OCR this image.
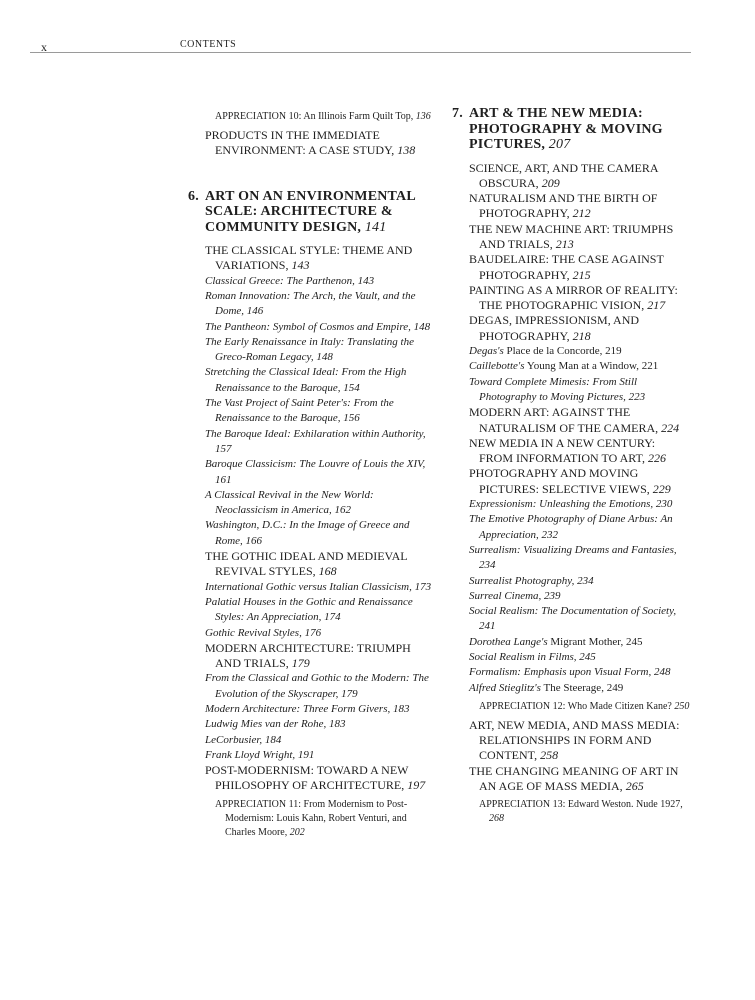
x	CONTENTS
APPRECIATION 10: An Illinois Farm Quilt Top, 136
PRODUCTS IN THE IMMEDIATE ENVIRONMENT: A CASE STUDY, 138
6. ART ON AN ENVIRONMENTAL SCALE: ARCHITECTURE & COMMUNITY DESIGN, 141
THE CLASSICAL STYLE: THEME AND VARIATIONS, 143
Classical Greece: The Parthenon, 143
Roman Innovation: The Arch, the Vault, and the Dome, 146
The Pantheon: Symbol of Cosmos and Empire, 148
The Early Renaissance in Italy: Translating the Greco-Roman Legacy, 148
Stretching the Classical Ideal: From the High Renaissance to the Baroque, 154
The Vast Project of Saint Peter's: From the Renaissance to the Baroque, 156
The Baroque Ideal: Exhilaration within Authority, 157
Baroque Classicism: The Louvre of Louis the XIV, 161
A Classical Revival in the New World: Neoclassicism in America, 162
Washington, D.C.: In the Image of Greece and Rome, 166
THE GOTHIC IDEAL AND MEDIEVAL REVIVAL STYLES, 168
International Gothic versus Italian Classicism, 173
Palatial Houses in the Gothic and Renaissance Styles: An Appreciation, 174
Gothic Revival Styles, 176
MODERN ARCHITECTURE: TRIUMPH AND TRIALS, 179
From the Classical and Gothic to the Modern: The Evolution of the Skyscraper, 179
Modern Architecture: Three Form Givers, 183
Ludwig Mies van der Rohe, 183
LeCorbusier, 184
Frank Lloyd Wright, 191
POST-MODERNISM: TOWARD A NEW PHILOSOPHY OF ARCHITECTURE, 197
APPRECIATION 11: From Modernism to Post-Modernism: Louis Kahn, Robert Venturi, and Charles Moore, 202
7. ART & THE NEW MEDIA: PHOTOGRAPHY & MOVING PICTURES, 207
SCIENCE, ART, AND THE CAMERA OBSCURA, 209
NATURALISM AND THE BIRTH OF PHOTOGRAPHY, 212
THE NEW MACHINE ART: TRIUMPHS AND TRIALS, 213
BAUDELAIRE: THE CASE AGAINST PHOTOGRAPHY, 215
PAINTING AS A MIRROR OF REALITY: THE PHOTOGRAPHIC VISION, 217
DEGAS, IMPRESSIONISM, AND PHOTOGRAPHY, 218
Degas's Place de la Concorde, 219
Caillebotte's Young Man at a Window, 221
Toward Complete Mimesis: From Still Photography to Moving Pictures, 223
MODERN ART: AGAINST THE NATURALISM OF THE CAMERA, 224
NEW MEDIA IN A NEW CENTURY: FROM INFORMATION TO ART, 226
PHOTOGRAPHY AND MOVING PICTURES: SELECTIVE VIEWS, 229
Expressionism: Unleashing the Emotions, 230
The Emotive Photography of Diane Arbus: An Appreciation, 232
Surrealism: Visualizing Dreams and Fantasies, 234
Surrealist Photography, 234
Surreal Cinema, 239
Social Realism: The Documentation of Society, 241
Dorothea Lange's Migrant Mother, 245
Social Realism in Films, 245
Formalism: Emphasis upon Visual Form, 248
Alfred Stieglitz's The Steerage, 249
APPRECIATION 12: Who Made Citizen Kane? 250
ART, NEW MEDIA, AND MASS MEDIA: RELATIONSHIPS IN FORM AND CONTENT, 258
THE CHANGING MEANING OF ART IN AN AGE OF MASS MEDIA, 265
APPRECIATION 13: Edward Weston. Nude 1927, 268
